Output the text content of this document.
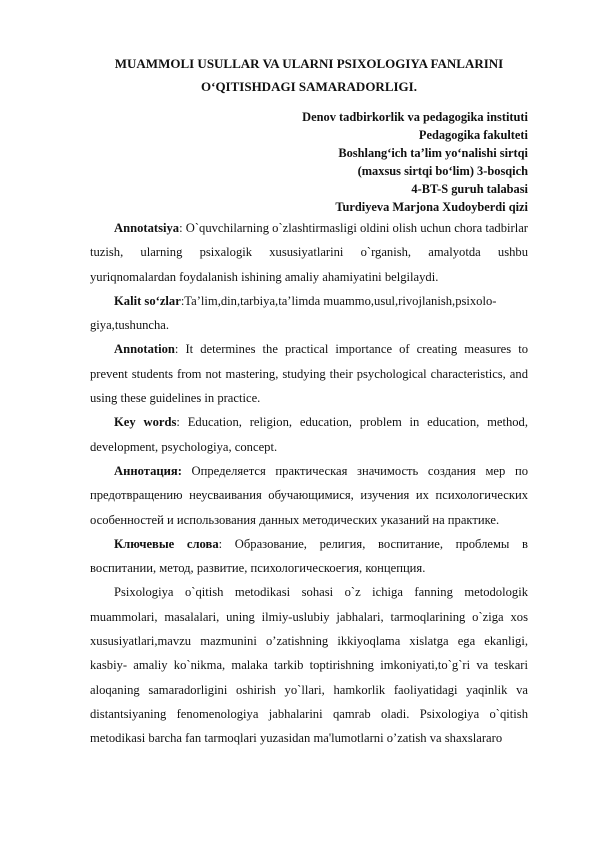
MUAMMOLI USULLAR VA ULARNI PSIXOLOGIYA FANLARINI

O‘QITISHDAGI SAMARADORLIGI.

Denov tadbirkorlik va pedagogika instituti
Pedagogika fakulteti
Boshlang‘ich ta’lim yo‘nalishi sirtqi
(maxsus sirtqi bo‘lim) 3-bosqich
4-BT-S guruh talabasi
Turdiyeva Marjona Xudoyberdi qizi

Annotatsiya: O`quvchilarning o`zlashtirmasligi oldini olish uchun chora tadbirlar tuzish, ularning psixalogik xususiyatlarini o`rganish, amalyotda ushbu yuriqnomalardan foydalanish ishining amaliy ahamiyatini belgilaydi.

Kalit so‘zlar:Ta’lim,din,tarbiya,ta’limda muammo,usul,rivojlanish,psixolo-giya,tushuncha.

Annotation: It determines the practical importance of creating measures to prevent students from not mastering, studying their psychological characteristics, and using these guidelines in practice.

Key words: Education, religion, education, problem in education, method, development, psychologiya, concept.

Аннотация: Определяется практическая значимость создания мер по предотвращению неусваивания обучающимися, изучения их психологических особенностей и использования данных методических указаний на практике.

Ключевые слова: Образование, религия, воспитание, проблемы в воспитании, метод, развитие, психологическоегия, концепция.

Psixologiya o`qitish metodikasi sohasi o`z ichiga fanning metodologik muammolari, masalalari, uning ilmiy-uslubiy jabhalari, tarmoqlarining o`ziga xos xususiyatlari,mavzu mazmunini o’zatishning ikkiyoqlama xislatga ega ekanligi, kasbiy- amaliy ko`nikma, malaka tarkib toptirishning imkoniyati,to`g`ri va teskari aloqaning samaradorligini oshirish yo`llari, hamkorlik faoliyatidagi yaqinlik va distantsiyaning fenomenologiya jabhalarini qamrab oladi. Psixologiya o`qitish metodikasi barcha fan tarmoqlari yuzasidan ma'lumotlarni o’zatish va shaxslararo
